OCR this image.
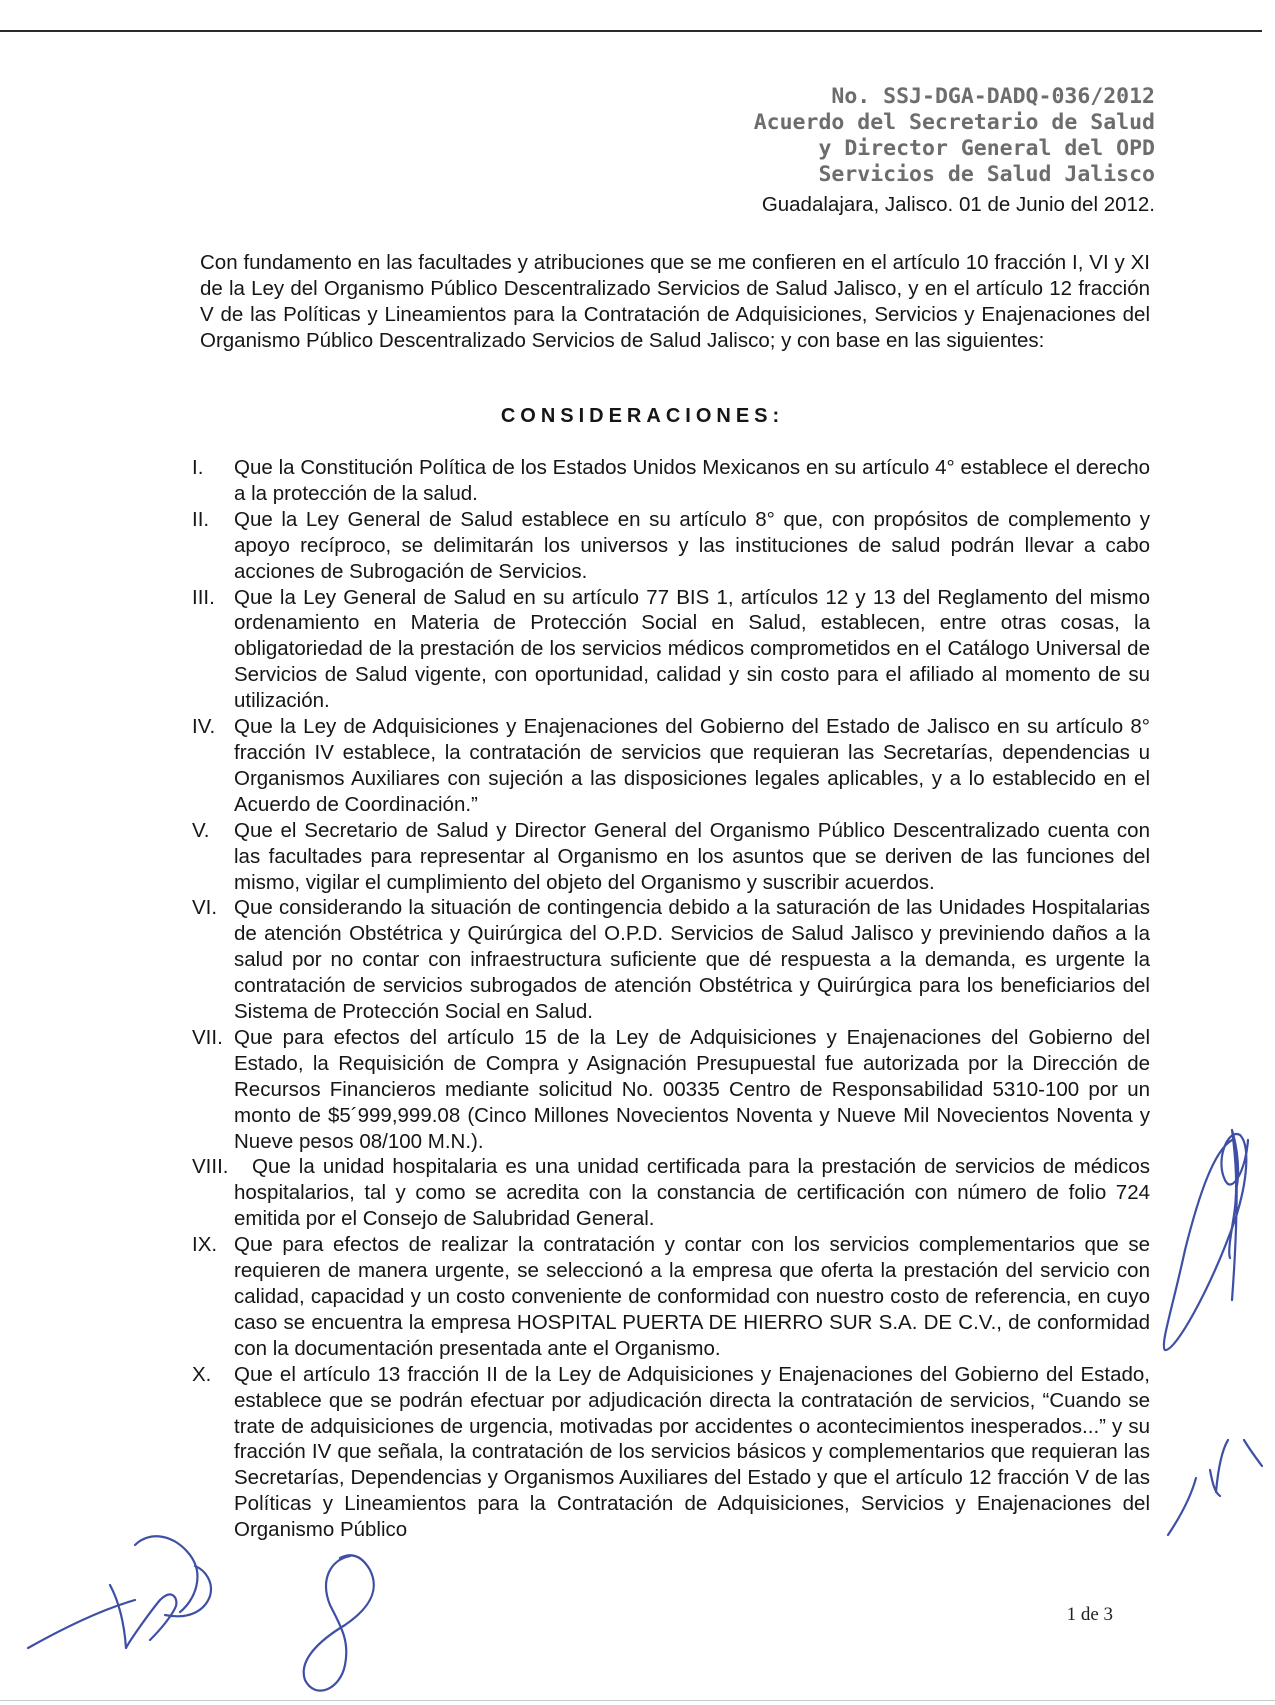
No. SSJ-DGA-DADQ-036/2012
Acuerdo del Secretario de Salud
y Director General del OPD
Servicios de Salud Jalisco
Guadalajara, Jalisco. 01 de Junio del 2012.
Con fundamento en las facultades y atribuciones que se me confieren en el artículo 10 fracción I, VI y XI de la Ley del Organismo Público Descentralizado Servicios de Salud Jalisco, y en el artículo 12 fracción V de las Políticas y Lineamientos para la Contratación de Adquisiciones, Servicios y Enajenaciones del Organismo Público Descentralizado Servicios de Salud Jalisco; y con base en las siguientes:
CONSIDERACIONES:
I. Que la Constitución Política de los Estados Unidos Mexicanos en su artículo 4° establece el derecho a la protección de la salud.
II. Que la Ley General de Salud establece en su artículo 8° que, con propósitos de complemento y apoyo recíproco, se delimitarán los universos y las instituciones de salud podrán llevar a cabo acciones de Subrogación de Servicios.
III. Que la Ley General de Salud en su artículo 77 BIS 1, artículos 12 y 13 del Reglamento del mismo ordenamiento en Materia de Protección Social en Salud, establecen, entre otras cosas, la obligatoriedad de la prestación de los servicios médicos comprometidos en el Catálogo Universal de Servicios de Salud vigente, con oportunidad, calidad y sin costo para el afiliado al momento de su utilización.
IV. Que la Ley de Adquisiciones y Enajenaciones del Gobierno del Estado de Jalisco en su artículo 8° fracción IV establece, la contratación de servicios que requieran las Secretarías, dependencias u Organismos Auxiliares con sujeción a las disposiciones legales aplicables, y a lo establecido en el Acuerdo de Coordinación.”
V. Que el Secretario de Salud y Director General del Organismo Público Descentralizado cuenta con las facultades para representar al Organismo en los asuntos que se deriven de las funciones del mismo, vigilar el cumplimiento del objeto del Organismo y suscribir acuerdos.
VI. Que considerando la situación de contingencia debido a la saturación de las Unidades Hospitalarias de atención Obstétrica y Quirúrgica del O.P.D. Servicios de Salud Jalisco y previniendo daños a la salud por no contar con infraestructura suficiente que dé respuesta a la demanda, es urgente la contratación de servicios subrogados de atención Obstétrica y Quirúrgica para los beneficiarios del Sistema de Protección Social en Salud.
VII. Que para efectos del artículo 15 de la Ley de Adquisiciones y Enajenaciones del Gobierno del Estado, la Requisición de Compra y Asignación Presupuestal fue autorizada por la Dirección de Recursos Financieros mediante solicitud No. 00335 Centro de Responsabilidad 5310-100 por un monto de $5´999,999.08 (Cinco Millones Novecientos Noventa y Nueve Mil Novecientos Noventa y Nueve pesos 08/100 M.N.).
VIII.	Que la unidad hospitalaria es una unidad certificada para la prestación de servicios de médicos hospitalarios, tal y como se acredita con la constancia de certificación con número de folio 724 emitida por el Consejo de Salubridad General.
IX. Que para efectos de realizar la contratación y contar con los servicios complementarios que se requieren de manera urgente, se seleccionó a la empresa que oferta la prestación del servicio con calidad, capacidad y un costo conveniente de conformidad con nuestro costo de referencia, en cuyo caso se encuentra la empresa HOSPITAL PUERTA DE HIERRO SUR S.A. DE C.V., de conformidad con la documentación presentada ante el Organismo.
X. Que el artículo 13 fracción II de la Ley de Adquisiciones y Enajenaciones del Gobierno del Estado, establece que se podrán efectuar por adjudicación directa la contratación de servicios, “Cuando se trate de adquisiciones de urgencia, motivadas por accidentes o acontecimientos inesperados...” y su fracción IV que señala, la contratación de los servicios básicos y complementarios que requieran las Secretarías, Dependencias y Organismos Auxiliares del Estado y que el artículo 12 fracción V de las Políticas y Lineamientos para la Contratación de Adquisiciones, Servicios y Enajenaciones del Organismo Público
1 de 3
